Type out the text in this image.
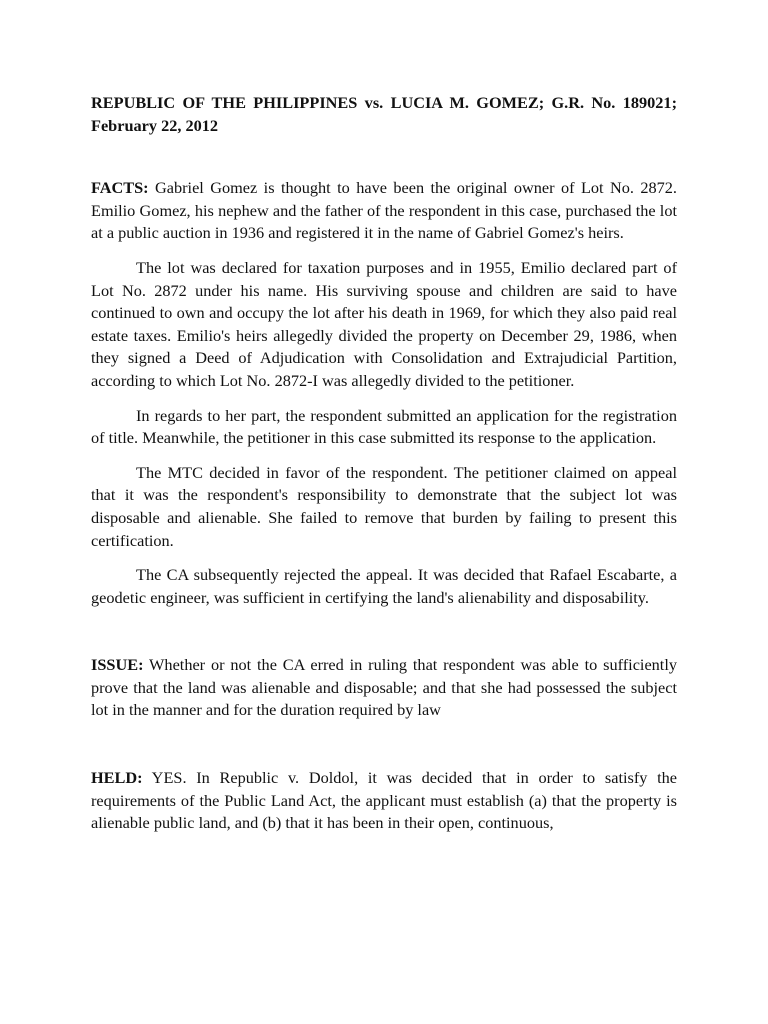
REPUBLIC OF THE PHILIPPINES vs. LUCIA M. GOMEZ; G.R. No. 189021; February 22, 2012

FACTS: Gabriel Gomez is thought to have been the original owner of Lot No. 2872. Emilio Gomez, his nephew and the father of the respondent in this case, purchased the lot at a public auction in 1936 and registered it in the name of Gabriel Gomez's heirs.

The lot was declared for taxation purposes and in 1955, Emilio declared part of Lot No. 2872 under his name. His surviving spouse and children are said to have continued to own and occupy the lot after his death in 1969, for which they also paid real estate taxes. Emilio's heirs allegedly divided the property on December 29, 1986, when they signed a Deed of Adjudication with Consolidation and Extrajudicial Partition, according to which Lot No. 2872-I was allegedly divided to the petitioner.

In regards to her part, the respondent submitted an application for the registration of title. Meanwhile, the petitioner in this case submitted its response to the application.

The MTC decided in favor of the respondent. The petitioner claimed on appeal that it was the respondent's responsibility to demonstrate that the subject lot was disposable and alienable. She failed to remove that burden by failing to present this certification.

The CA subsequently rejected the appeal. It was decided that Rafael Escabarte, a geodetic engineer, was sufficient in certifying the land's alienability and disposability.

ISSUE: Whether or not the CA erred in ruling that respondent was able to sufficiently prove that the land was alienable and disposable; and that she had possessed the subject lot in the manner and for the duration required by law

HELD: YES. In Republic v. Doldol, it was decided that in order to satisfy the requirements of the Public Land Act, the applicant must establish (a) that the property is alienable public land, and (b) that it has been in their open, continuous,
